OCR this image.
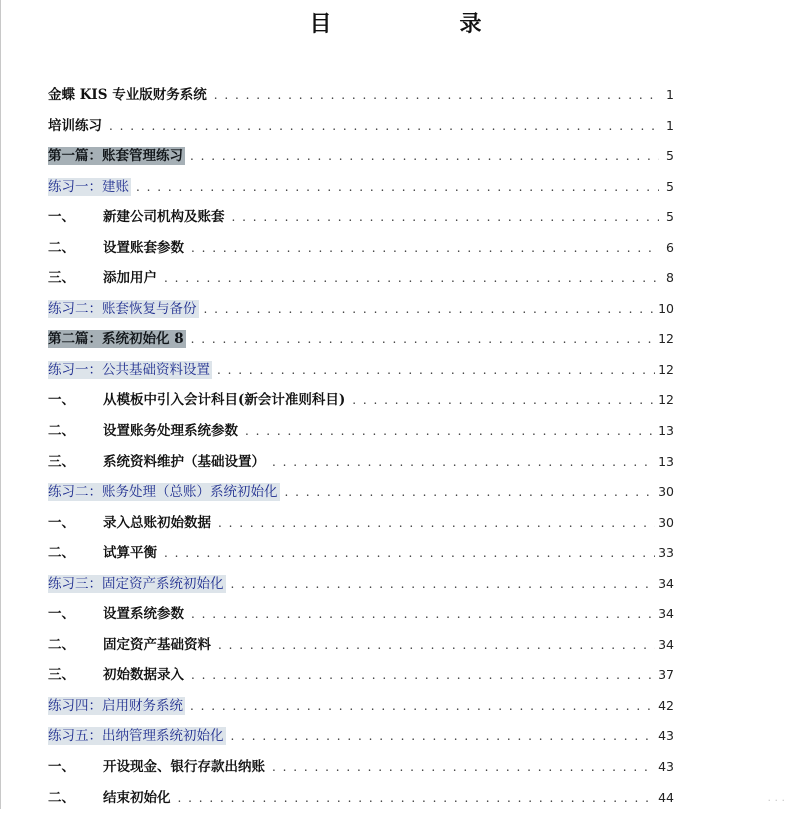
目　　录
金蝶 KIS 专业版财务系统 . . .	1
培训练习 . . .	1
第一篇：账套管理练习 . . .	5
练习一：建账 . . .	5
一、 新建公司机构及账套 . . .	5
二、 设置账套参数 . . .	6
三、 添加用户 . . .	8
练习二：账套恢复与备份 . . .	10
第二篇：系统初始化 8 . . .	12
练习一：公共基础资料设置 . . .	12
一、 从模板中引入会计科目(新会计准则科目) . . .	12
二、 设置账务处理系统参数 . . .	13
三、 系统资料维护（基础设置） . . .	13
练习二：账务处理（总账）系统初始化 . . .	30
一、 录入总账初始数据 . . .	30
二、 试算平衡 . . .	33
练习三：固定资产系统初始化 . . .	34
一、 设置系统参数 . . .	34
二、 固定资产基础资料 . . .	34
三、 初始数据录入 . . .	37
练习四：启用财务系统 . . .	42
练习五：出纳管理系统初始化 . . .	43
一、 开设现金、银行存款出纳账 . . .	43
二、 结束初始化 . . .	44	· · ·
